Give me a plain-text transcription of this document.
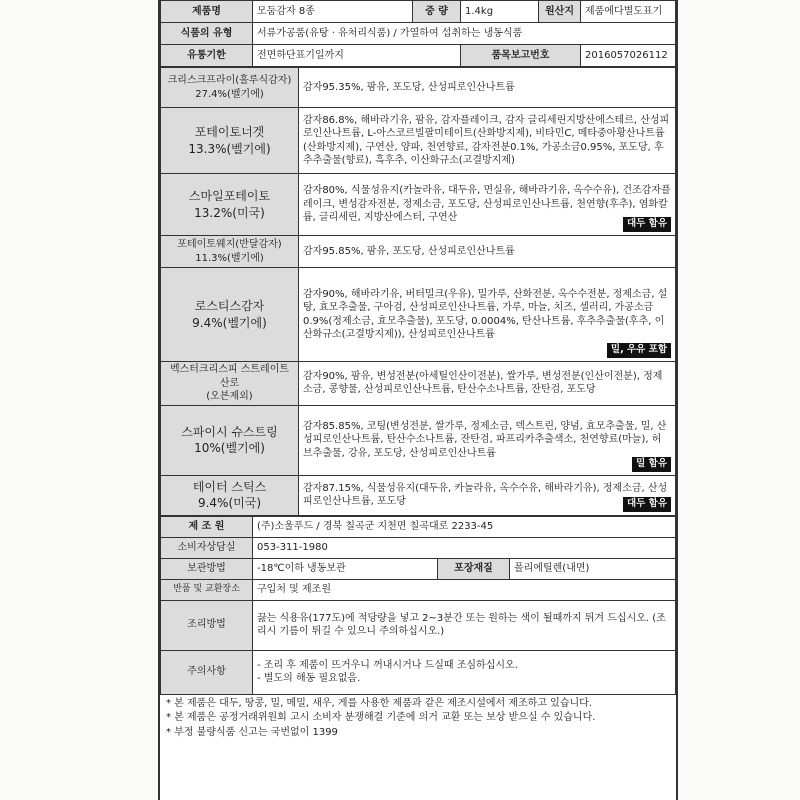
제품명	모둠감자 8종	중 량	1.4kg	원산지	제품에다별도표기
식품의 유형	서류가공품(유탕 · 유처리식품) / 가열하여 섭취하는 냉동식품				
유통기한	전면하단표기일까지		품목보고번호		2016057026112
크리스크프라이(홀루식감자)
27.4%(벨기에)	감자95.35%, 팜유, 포도당, 산성피로인산나트륨

포테이토너겟
13.3%(벨기에)	감자86.8%, 해바라기유, 팜유, 감자플레이크, 감자 글리세린지방산에스테르, 산성피로인산나트륨, L-아스코르빌팔미테이트(산화방지제), 비타민C, 메타중아황산나트륨(산화방지제), 구연산, 양파, 천연향료, 감자전분0.1%, 가공소금0.95%, 포도당, 후추추출물(향료), 흑후추, 이산화규소(고결방지제)

스마일포테이토
13.2%(미국)	감자80%, 식물성유지(카놀라유, 대두유, 면실유, 해바라기유, 옥수수유), 건조감자플레이크, 변성감자전분, 정제소금, 포도당, 산성피로인산나트륨, 천연향(후추), 염화칼륨, 글리세린, 지방산에스터, 구연산
대두 함유

포테이토웨지(반달감자)
11.3%(벨기에)	감자95.85%, 팜유, 포도당, 산성피로인산나트륨

로스티스감자
9.4%(벨기에)	감자90%, 해바라기유, 버터밀크(우유), 밀가루, 산화전분, 옥수수전분, 정제소금, 설탕, 효모추출물, 구아검, 산성피로인산나트륨, 가루, 마늘, 치즈, 셀러리, 가공소금0.9%(정제소금, 효모추출물), 포도당, 0.0004%, 탄산나트륨, 후추추출물(후추, 이산화규소(고결방지제)), 산성피로인산나트륨
밀, 우유 포함

벡스터크리스피 스트레이트 산로
(오븐제외)	감자90%, 팜유, 변성전분(아세틸인산이전분), 쌀가루, 변성전분(인산이전분), 정제소금, 콩향물, 산성피로인산나트륨, 탄산수소나트륨, 잔탄검, 포도당

스파이시 슈스트링
10%(벨기에)	감자85.85%, 코팅(변성전분, 쌀가루, 정제소금, 덱스트린, 양념, 효모추출물, 밀, 산성피로인산나트륨, 탄산수소나트륨, 잔탄검, 파프리카추출색소, 천연향료(마늘), 허브추출물, 강유, 포도당, 산성피로인산나트륨
밀 함유

테이터 스틱스
9.4%(미국)	감자87.15%, 식물성유지(대두유, 카놀라유, 옥수수유, 해바라기유), 정제소금, 산성피로인산나트륨, 포도당 대두 함유
제 조 원	(주)소울푸드 / 경북 칠곡군 지천면 칠곡대로 2233-45		
소비자상담실	053-311-1980		
보관방법	-18℃이하 냉동보관	포장재질	폴리에틸렌(내면)
반품 및 교환장소	구입처 및 제조원		
조리방법	끓는 식용유(177도)에 적당량을 넣고 2~3분간 또는 원하는 색이 될때까지 튀겨 드십시오. (조리시 기름이 튀길 수 있으니 주의하십시오.)		
주의사항	- 조리 후 제품이 뜨거우니 꺼내시거나 드실때 조심하십시오.
- 별도의 해동 필요없음.		
* 본 제품은 대두, 땅콩, 밀, 메밀, 새우, 게를 사용한 제품과 같은 제조시설에서 제조하고 있습니다.
* 본 제품은 공정거래위원회 고시 소비자 분쟁해결 기준에 의거 교환 또는 보상 받으실 수 있습니다.
* 부정 불량식품 신고는 국번없이 1399
